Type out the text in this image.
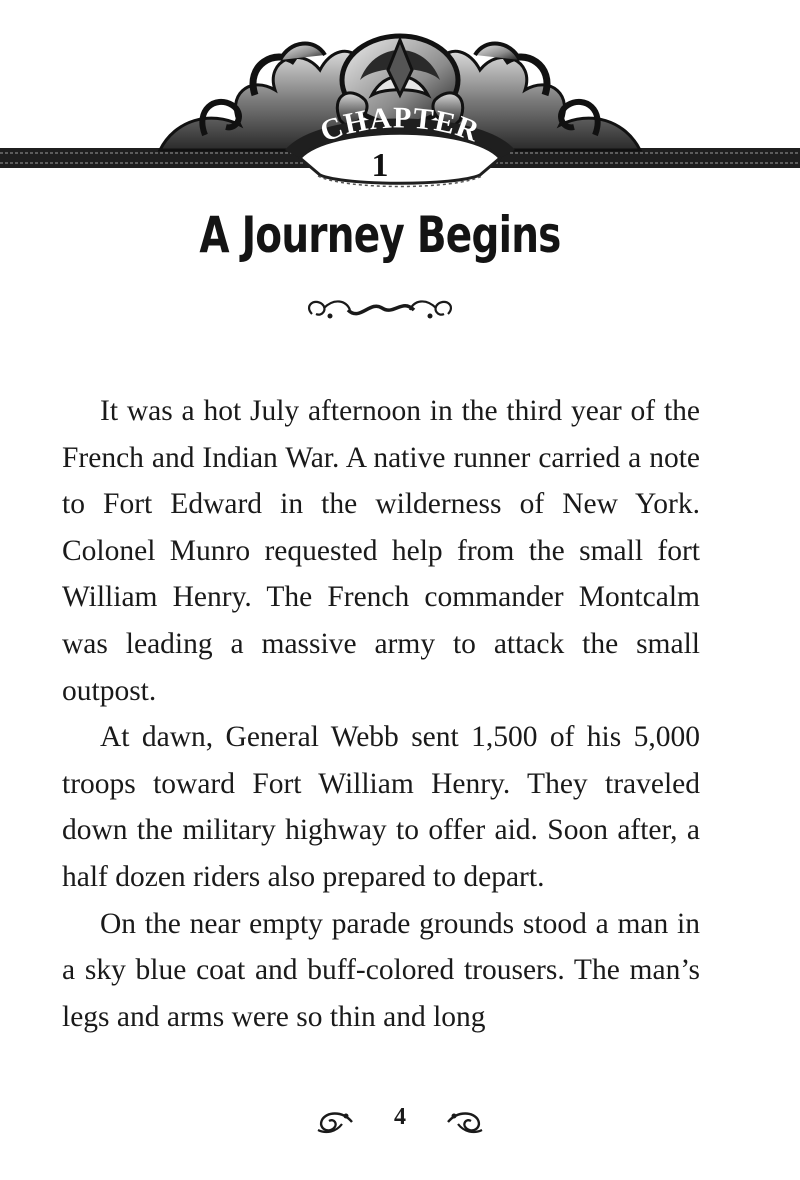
CHAPTER
1
A Journey Begins

It was a hot July afternoon in the third year of the French and Indian War. A native runner carried a note to Fort Edward in the wilderness of New York. Colonel Munro requested help from the small fort William Henry. The French commander Montcalm was leading a massive army to attack the small outpost.

At dawn, General Webb sent 1,500 of his 5,000 troops toward Fort William Henry. They traveled down the military highway to offer aid. Soon after, a half dozen riders also prepared to depart.

On the near empty parade grounds stood a man in a sky blue coat and buff-colored trousers. The man’s legs and arms were so thin and long

4
